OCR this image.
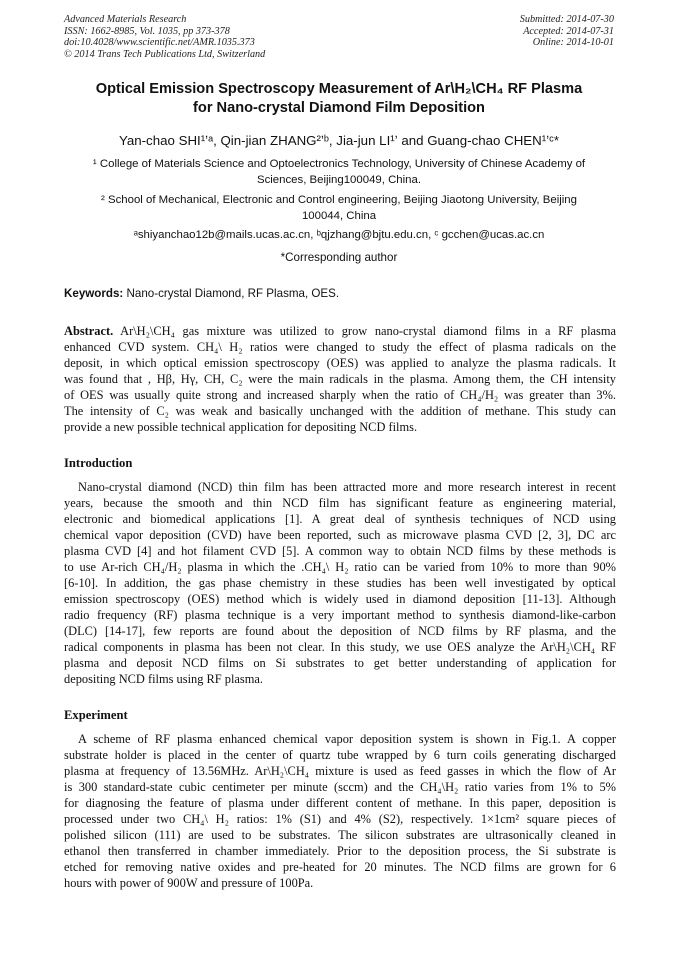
Advanced Materials Research
ISSN: 1662-8985, Vol. 1035, pp 373-378
doi:10.4028/www.scientific.net/AMR.1035.373
© 2014 Trans Tech Publications Ltd, Switzerland
Submitted: 2014-07-30
Accepted: 2014-07-31
Online: 2014-10-01
Optical Emission Spectroscopy Measurement of Ar\H₂\CH₄ RF Plasma
for Nano-crystal Diamond Film Deposition
Yan-chao SHI¹ʼᵃ, Qin-jian ZHANG²ʼᵇ, Jia-jun LI¹ʼ and Guang-chao CHEN¹ʼᶜ*
¹ College of Materials Science and Optoelectronics Technology, University of Chinese Academy of
Sciences, Beijing100049, China.
² School of Mechanical, Electronic and Control engineering, Beijing Jiaotong University, Beijing
100044, China
ᵃshiyanchao12b@mails.ucas.ac.cn, ᵇqjzhang@bjtu.edu.cn, ᶜ gcchen@ucas.ac.cn
*Corresponding author
Keywords: Nano-crystal Diamond, RF Plasma, OES.
Abstract. Ar\H₂\CH₄ gas mixture was utilized to grow nano-crystal diamond films in a RF plasma
enhanced CVD system. CH₄\ H₂ ratios were changed to study the effect of plasma radicals on the
deposit, in which optical emission spectroscopy (OES) was applied to analyze the plasma radicals. It
was found that , Hβ, Hγ, CH, C₂ were the main radicals in the plasma. Among them, the CH intensity
of OES was usually quite strong and increased sharply when the ratio of CH₄/H₂ was greater than 3%.
The intensity of C₂ was weak and basically unchanged with the addition of methane. This study can
provide a new possible technical application for depositing NCD films.
Introduction
Nano-crystal diamond (NCD) thin film has been attracted more and more research interest in recent
years, because the smooth and thin NCD film has significant feature as engineering material,
electronic and biomedical applications [1]. A great deal of synthesis techniques of NCD using
chemical vapor deposition (CVD) have been reported, such as microwave plasma CVD [2, 3], DC arc
plasma CVD [4] and hot filament CVD [5]. A common way to obtain NCD films by these methods is
to use Ar-rich CH₄/H₂ plasma in which the .CH₄\ H₂ ratio can be varied from 10% to more than 90%
[6-10]. In addition, the gas phase chemistry in these studies has been well investigated by optical
emission spectroscopy (OES) method which is widely used in diamond deposition [11-13]. Although
radio frequency (RF) plasma technique is a very important method to synthesis diamond-like-carbon
(DLC) [14-17], few reports are found about the deposition of NCD films by RF plasma, and the
radical components in plasma has been not clear. In this study, we use OES analyze the Ar\H₂\CH₄ RF
plasma and deposit NCD films on Si substrates to get better understanding of application for
depositing NCD films using RF plasma.
Experiment
A scheme of RF plasma enhanced chemical vapor deposition system is shown in Fig.1. A copper
substrate holder is placed in the center of quartz tube wrapped by 6 turn coils generating discharged
plasma at frequency of 13.56MHz. Ar\H₂\CH₄ mixture is used as feed gasses in which the flow of Ar
is 300 standard-state cubic centimeter per minute (sccm) and the CH₄\H₂ ratio varies from 1% to 5%
for diagnosing the feature of plasma under different content of methane. In this paper, deposition is
processed under two CH₄\ H₂ ratios: 1% (S1) and 4% (S2), respectively. 1×1cm² square pieces of
polished silicon (111) are used to be substrates. The silicon substrates are ultrasonically cleaned in
ethanol then transferred in chamber immediately. Prior to the deposition process, the Si substrate is
etched for removing native oxides and pre-heated for 20 minutes. The NCD films are grown for 6
hours with power of 900W and pressure of 100Pa.
